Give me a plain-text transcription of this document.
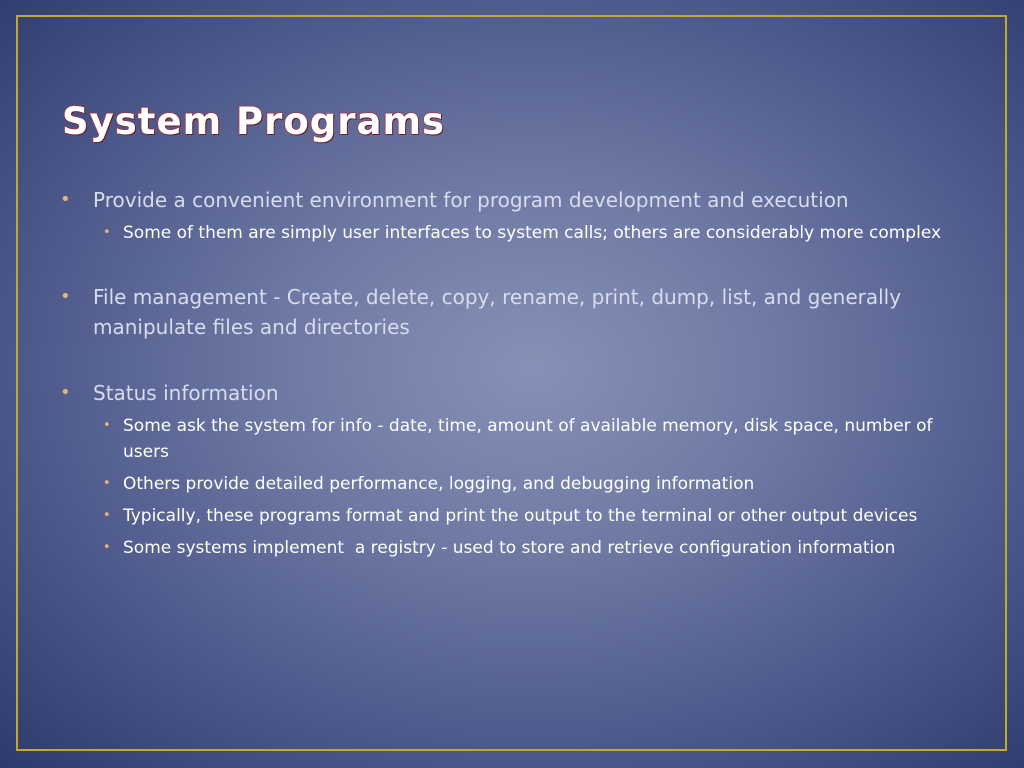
System Programs
• Provide a convenient environment for program development and execution
• Some of them are simply user interfaces to system calls; others are considerably more complex
• File management - Create, delete, copy, rename, print, dump, list, and generally manipulate files and directories
• Status information
• Some ask the system for info - date, time, amount of available memory, disk space, number of users
• Others provide detailed performance, logging, and debugging information
• Typically, these programs format and print the output to the terminal or other output devices
• Some systems implement  a registry - used to store and retrieve configuration information
